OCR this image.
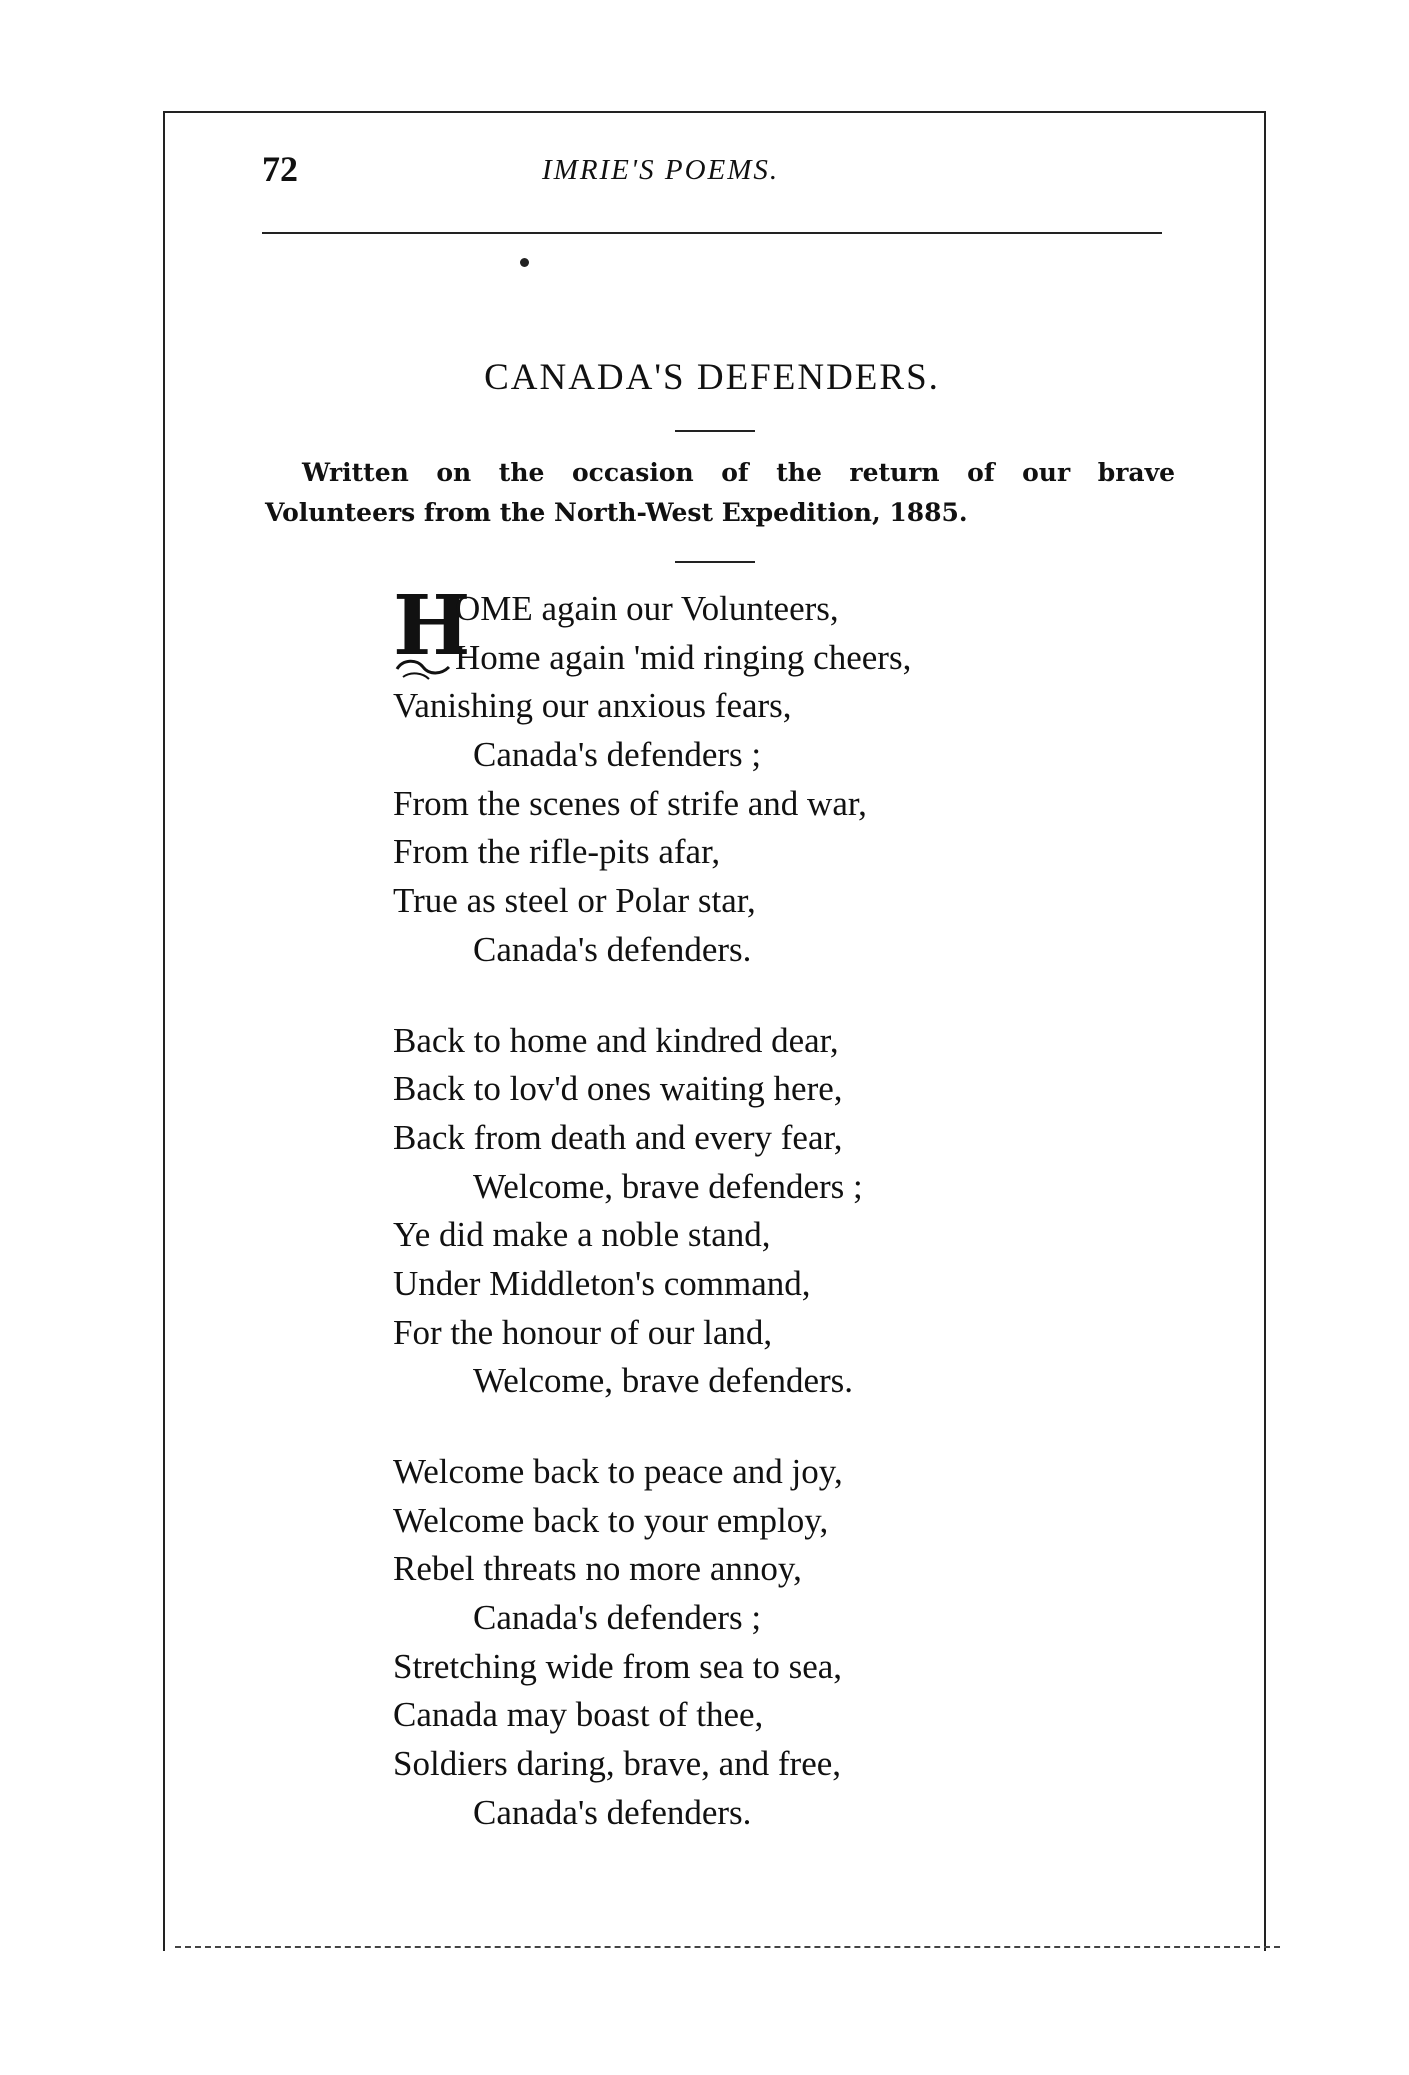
72	IMRIE'S POEMS.
CANADA'S DEFENDERS.
Written on the occasion of the return of our brave
Volunteers from the North-West Expedition, 1885.
H
OME again our Volunteers,
Home again 'mid ringing cheers,
Vanishing our anxious fears,
Canada's defenders ;
From the scenes of strife and war,
From the rifle-pits afar,
True as steel or Polar star,
Canada's defenders.
Back to home and kindred dear,
Back to lov'd ones waiting here,
Back from death and every fear,
Welcome, brave defenders ;
Ye did make a noble stand,
Under Middleton's command,
For the honour of our land,
Welcome, brave defenders.
Welcome back to peace and joy,
Welcome back to your employ,
Rebel threats no more annoy,
Canada's defenders ;
Stretching wide from sea to sea,
Canada may boast of thee,
Soldiers daring, brave, and free,
Canada's defenders.
